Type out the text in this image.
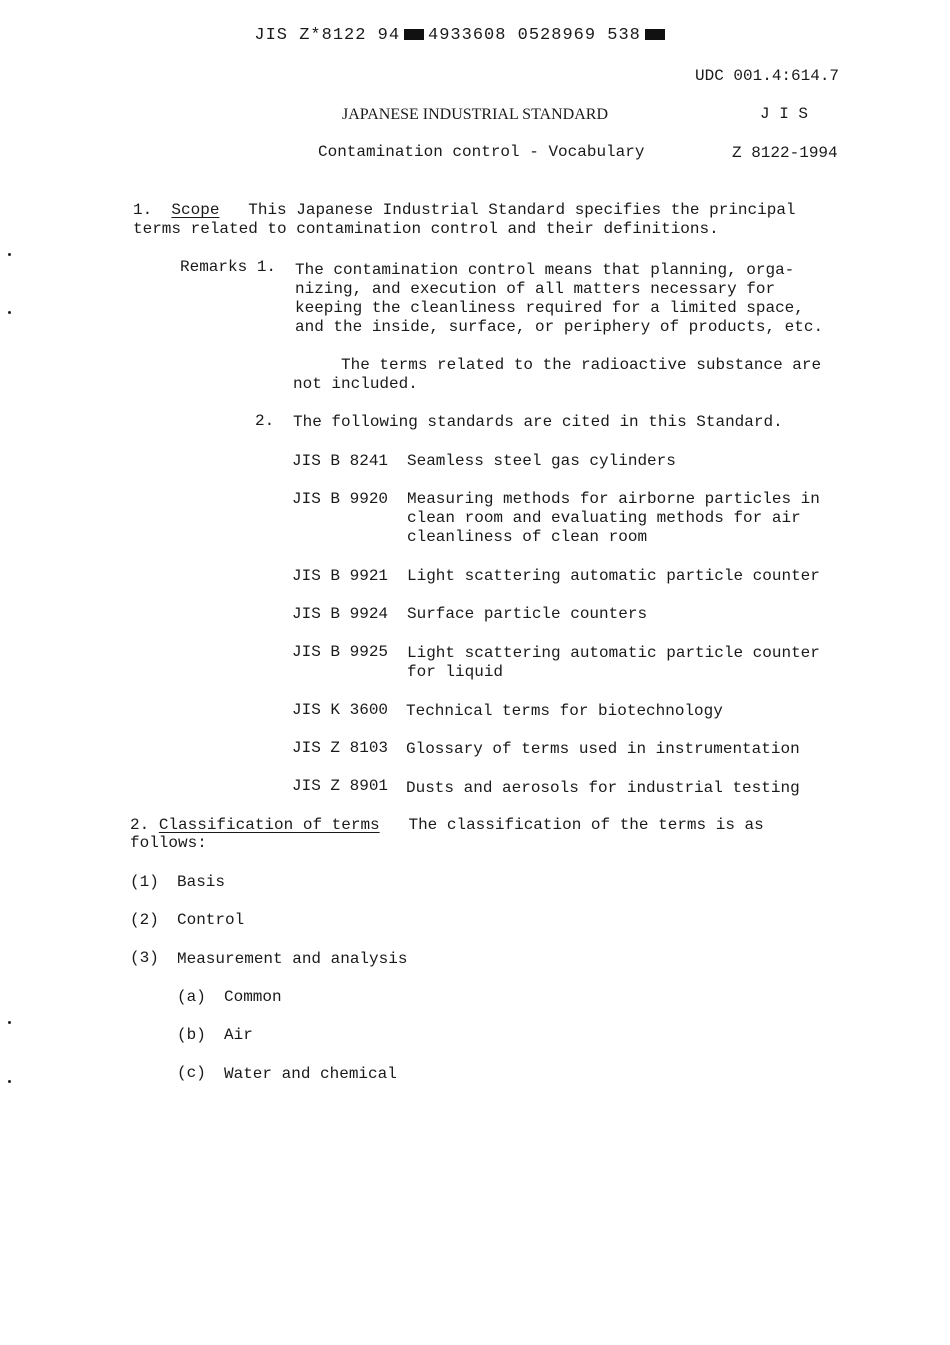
JIS Z*8122 94 4933608 0528969 538

UDC 001.4:614.7
JAPANESE INDUSTRIAL STANDARD	J I S
Contamination control - Vocabulary	Z 8122-1994
1. Scope This Japanese Industrial Standard specifies the principal
terms related to contamination control and their definitions.
Remarks 1. The contamination control means that planning, orga-
nizing, and execution of all matters necessary for
keeping the cleanliness required for a limited space,
and the inside, surface, or periphery of products, etc.
The terms related to the radioactive substance are
not included.
2. The following standards are cited in this Standard.
JIS B 8241 Seamless steel gas cylinders
JIS B 9920 Measuring methods for airborne particles in
clean room and evaluating methods for air
cleanliness of clean room
JIS B 9921 Light scattering automatic particle counter
JIS B 9924 Surface particle counters
JIS B 9925 Light scattering automatic particle counter
for liquid
JIS K 3600 Technical terms for biotechnology
JIS Z 8103 Glossary of terms used in instrumentation
JIS Z 8901 Dusts and aerosols for industrial testing
2. Classification of terms The classification of the terms is as
follows:
(1) Basis
(2) Control
(3) Measurement and analysis
(a) Common
(b) Air
(c) Water and chemical
